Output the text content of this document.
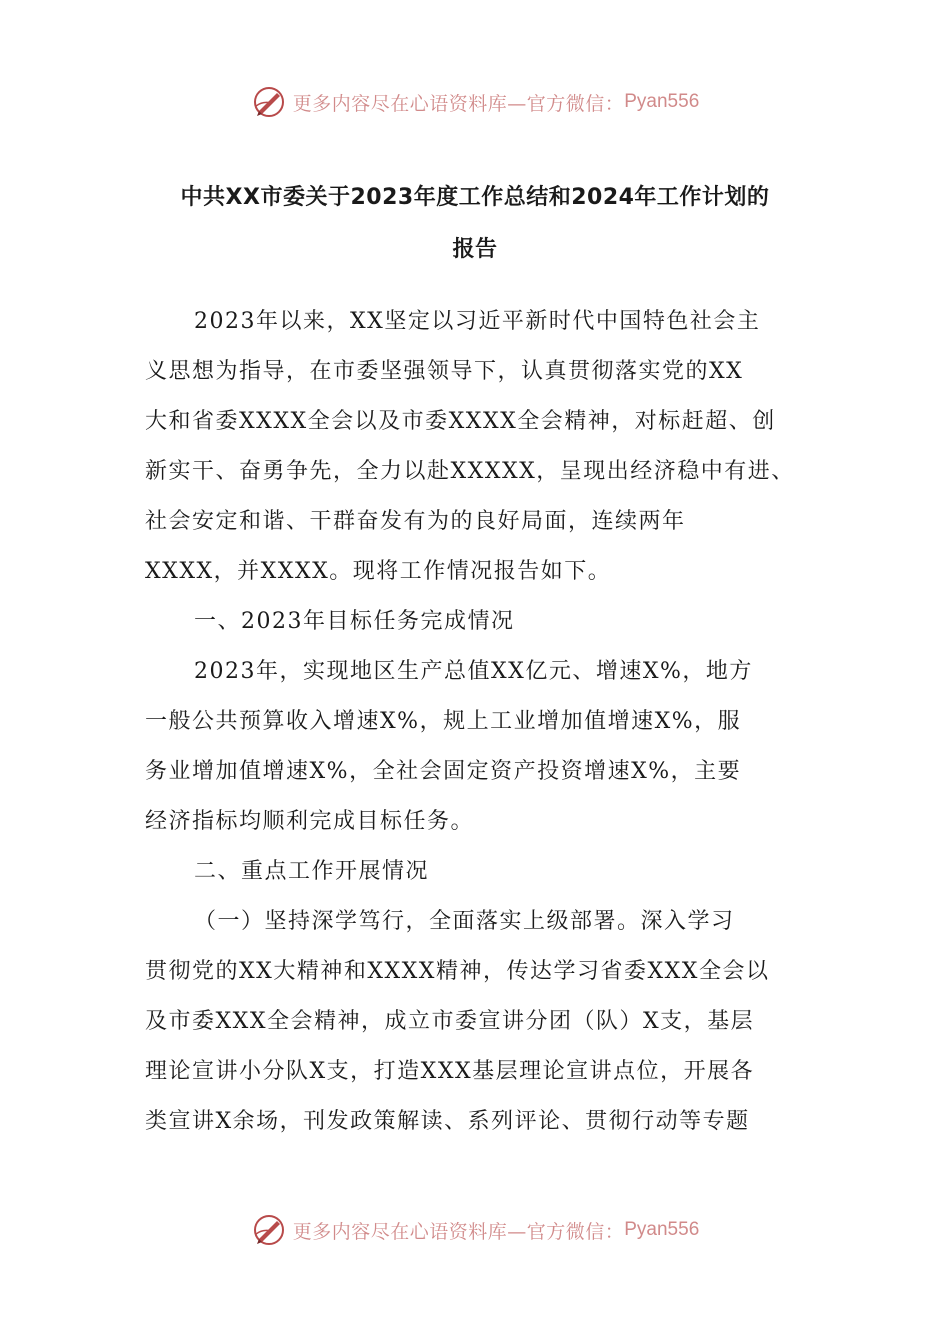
更多内容尽在心语资料库—官方微信： Pyan556
中共XX市委关于2023年度工作总结和2024年工作计划的
报告
2023年以来，XX坚定以习近平新时代中国特色社会主
义思想为指导，在市委坚强领导下，认真贯彻落实党的XX
大和省委XXXX全会以及市委XXXX全会精神，对标赶超、创
新实干、奋勇争先，全力以赴XXXXX，呈现出经济稳中有进、
社会安定和谐、干群奋发有为的良好局面，连续两年
XXXX，并XXXX。现将工作情况报告如下。
一、2023年目标任务完成情况
2023年，实现地区生产总值XX亿元、增速X%，地方
一般公共预算收入增速X%，规上工业增加值增速X%，服
务业增加值增速X%，全社会固定资产投资增速X%，主要
经济指标均顺利完成目标任务。
二、重点工作开展情况
（一）坚持深学笃行，全面落实上级部署。深入学习
贯彻党的XX大精神和XXXX精神，传达学习省委XXX全会以
及市委XXX全会精神，成立市委宣讲分团（队）X支，基层
理论宣讲小分队X支，打造XXX基层理论宣讲点位，开展各
类宣讲X余场，刊发政策解读、系列评论、贯彻行动等专题
更多内容尽在心语资料库—官方微信： Pyan556
